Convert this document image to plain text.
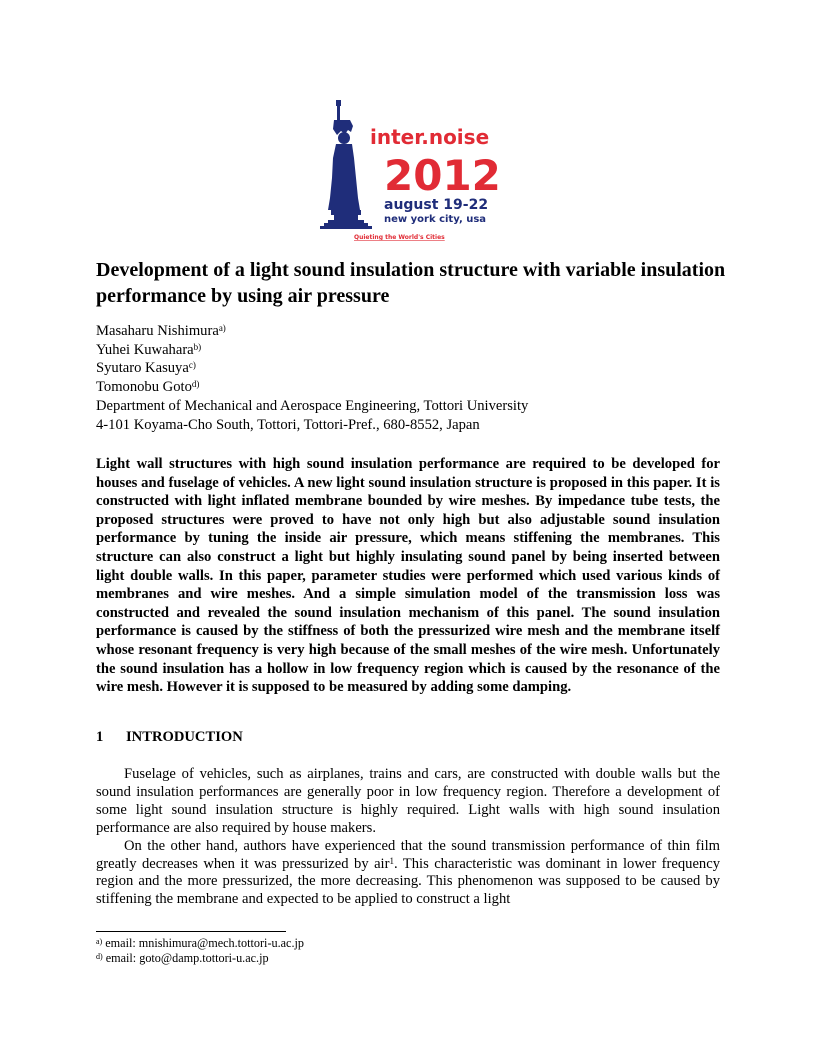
inter.noise
2012
august 19-22
new york city, usa
Quieting the World's Cities
Development of a light sound insulation structure with variable insulation performance by using air pressure
Masaharu Nishimura$^{a)}$
Yuhei Kuwahara$^{b)}$
Syutaro Kasuya$^{c)}$
Tomonobu Goto$^{d)}$
Department of Mechanical and Aerospace Engineering, Tottori University
4-101 Koyama-Cho South, Tottori, Tottori-Pref., 680-8552, Japan

Light wall structures with high sound insulation performance are required to be developed for houses and fuselage of vehicles. A new light sound insulation structure is proposed in this paper. It is constructed with light inflated membrane bounded by wire meshes. By impedance tube tests, the proposed structures were proved to have not only high but also adjustable sound insulation performance by tuning the inside air pressure, which means stiffening the membranes. This structure can also construct a light but highly insulating sound panel by being inserted between light double walls. In this paper, parameter studies were performed which used various kinds of membranes and wire meshes. And a simple simulation model of the transmission loss was constructed and revealed the sound insulation mechanism of this panel. The sound insulation performance is caused by the stiffness of both the pressurized wire mesh and the membrane itself whose resonant frequency is very high because of the small meshes of the wire mesh. Unfortunately the sound insulation has a hollow in low frequency region which is caused by the resonance of the wire mesh. However it is supposed to be measured by adding some damping.

1 INTRODUCTION

Fuselage of vehicles, such as airplanes, trains and cars, are constructed with double walls but the sound insulation performances are generally poor in low frequency region. Therefore a development of some light sound insulation structure is highly required. Light walls with high sound insulation performance are also required by house makers.

On the other hand, authors have experienced that the sound transmission performance of thin film greatly decreases when it was pressurized by air$^1$. This characteristic was dominant in lower frequency region and the more pressurized, the more decreasing. This phenomenon was supposed to be caused by stiffening the membrane and expected to be applied to construct a light

$^{a)}$ email: mnishimura@mech.tottori-u.ac.jp
$^{d)}$ email: goto@damp.tottori-u.ac.jp
